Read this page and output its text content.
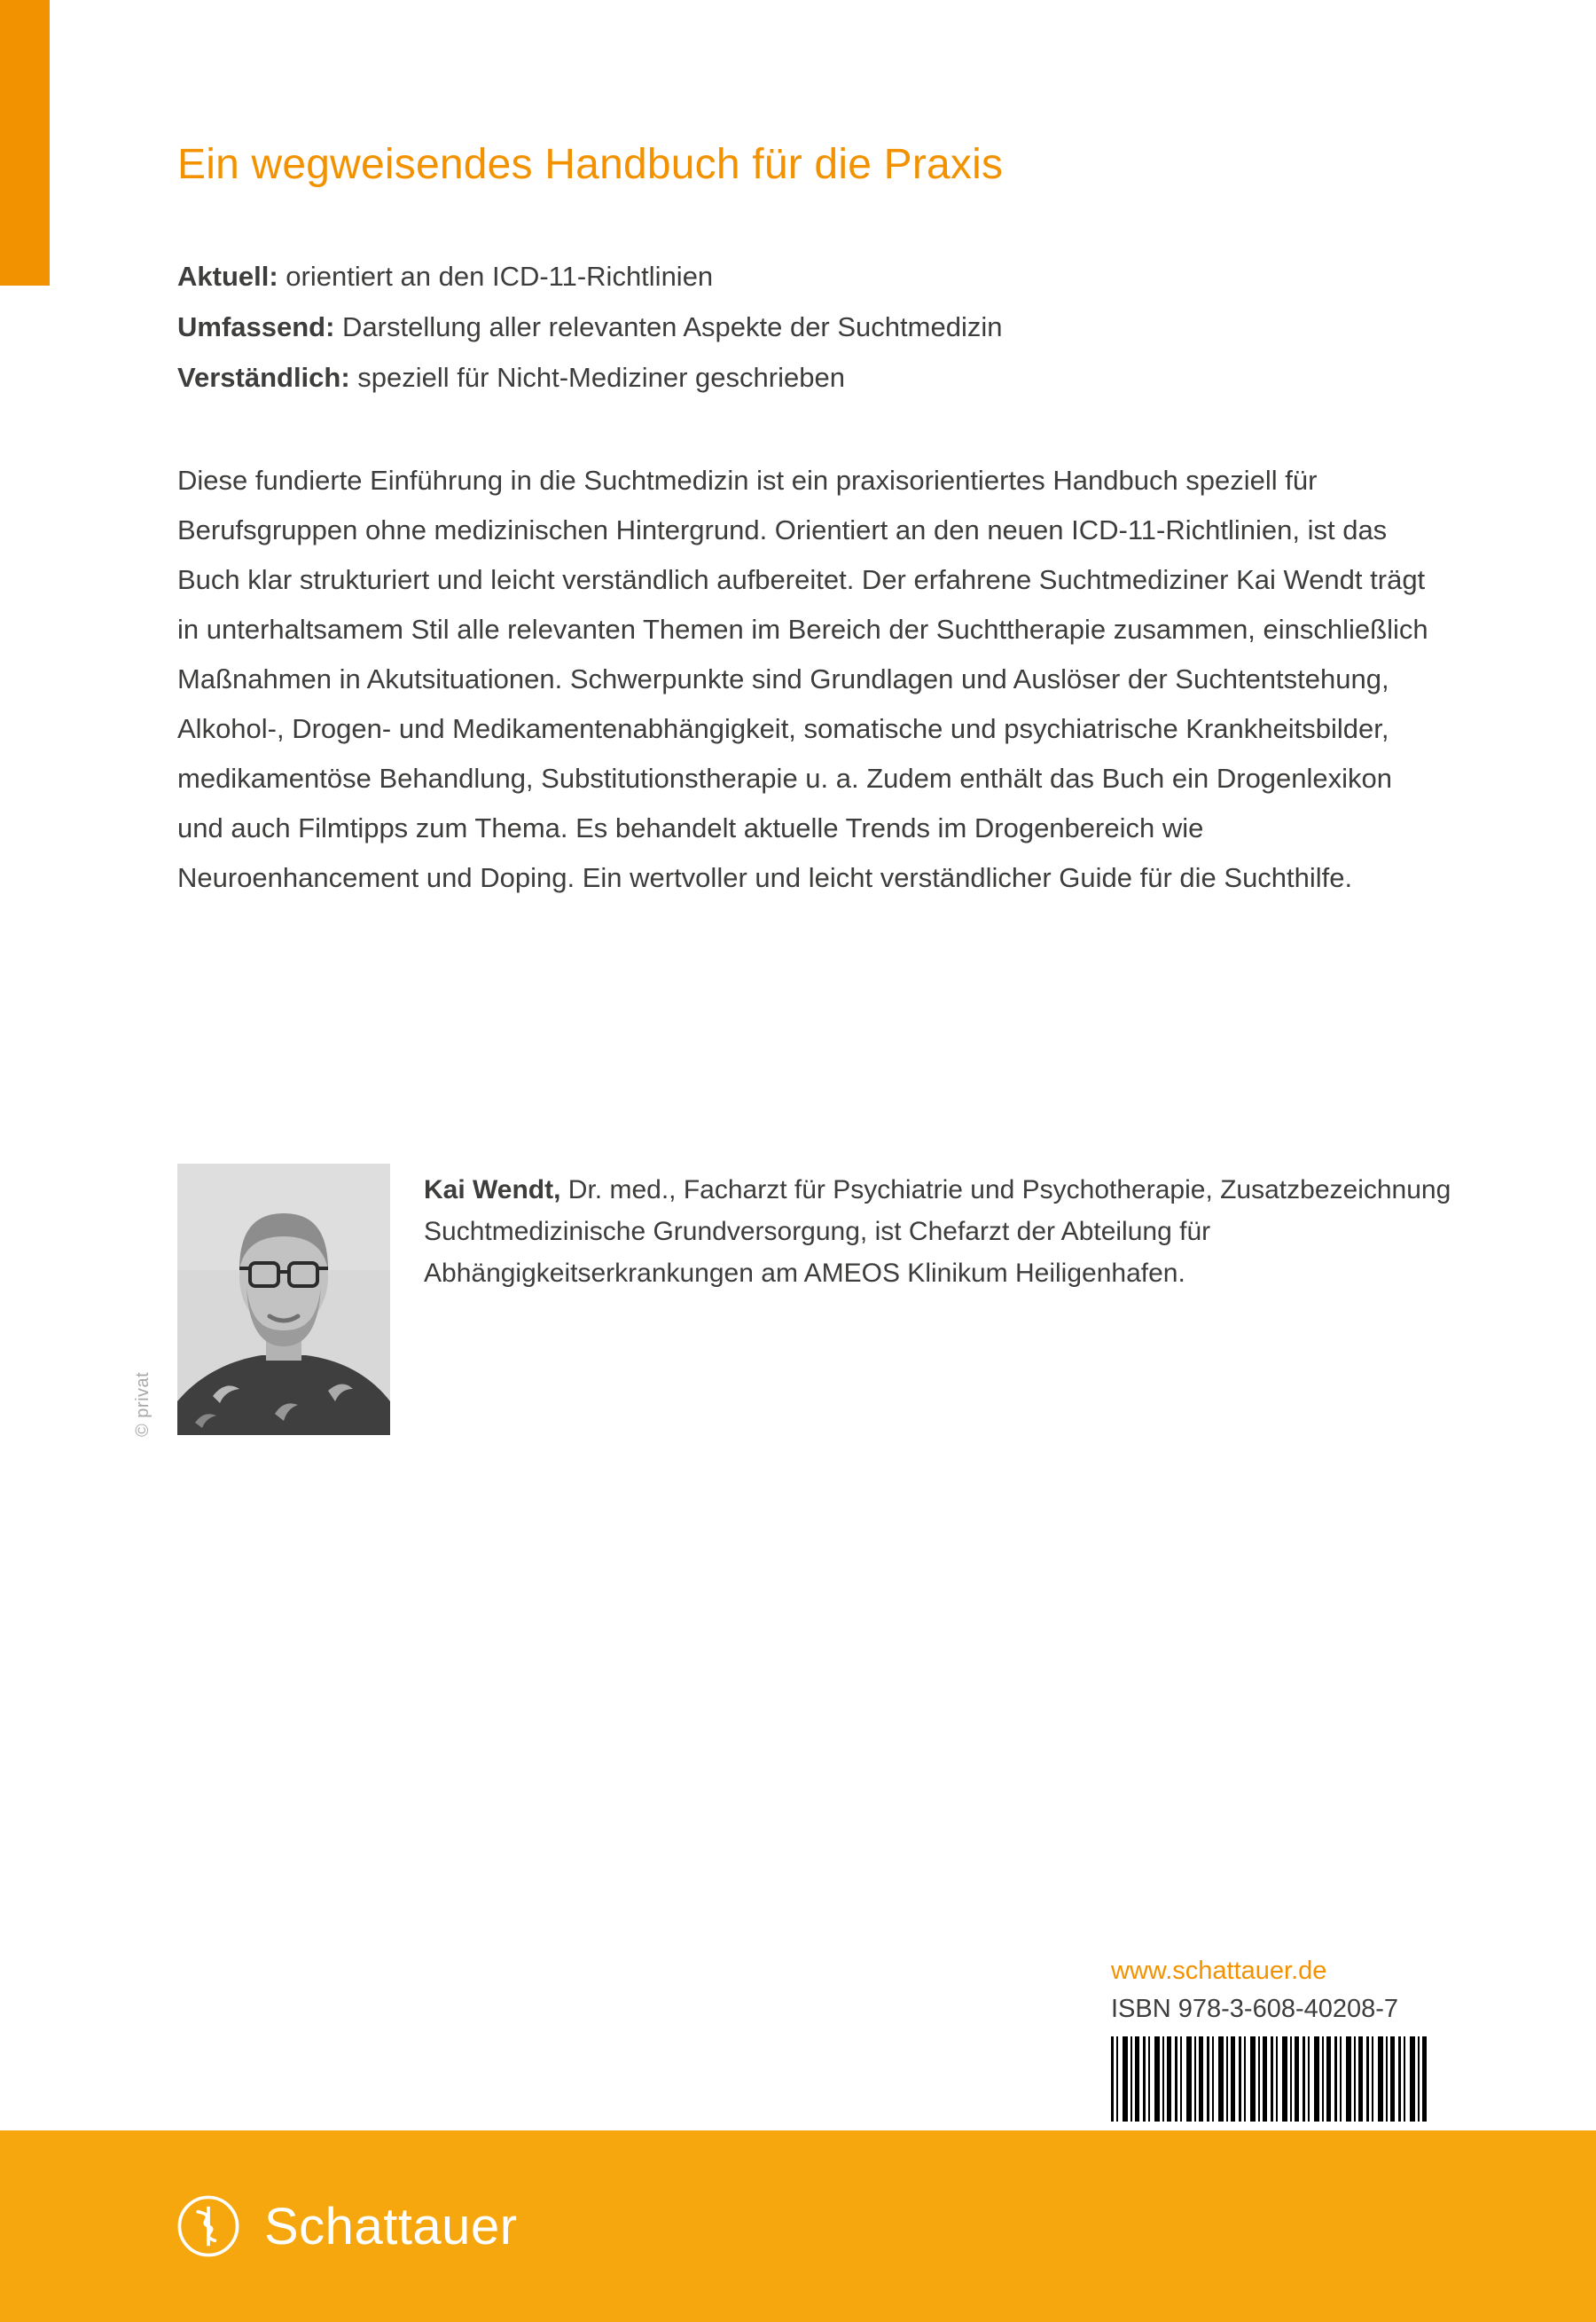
Ein wegweisendes Handbuch für die Praxis

Aktuell: orientiert an den ICD-11-Richtlinien

Umfassend: Darstellung aller relevanten Aspekte der Suchtmedizin

Verständlich: speziell für Nicht-Mediziner geschrieben

Diese fundierte Einführung in die Suchtmedizin ist ein praxisorientiertes Handbuch speziell für Berufsgruppen ohne medizinischen Hintergrund. Orientiert an den neuen ICD-11-Richtlinien, ist das Buch klar strukturiert und leicht verständlich aufbereitet. Der erfahrene Suchtmediziner Kai Wendt trägt in unterhaltsamem Stil alle relevanten Themen im Bereich der Suchttherapie zusammen, einschließlich Maßnahmen in Akutsituationen. Schwerpunkte sind Grundlagen und Auslöser der Suchtentstehung, Alkohol-, Drogen- und Medikamentenabhängigkeit, somatische und psychiatrische Krankheitsbilder, medikamentöse Behandlung, Substitutionstherapie u. a. Zudem enthält das Buch ein Drogenlexikon und auch Filmtipps zum Thema. Es behandelt aktuelle Trends im Drogenbereich wie Neuroenhancement und Doping. Ein wertvoller und leicht verständlicher Guide für die Suchthilfe.

© privat

Kai Wendt, Dr. med., Facharzt für Psychiatrie und Psychotherapie, Zusatzbezeichnung Suchtmedizinische Grundversorgung, ist Chefarzt der Abteilung für Abhängigkeitserkrankungen am AMEOS Klinikum Heiligenhafen.

www.schattauer.de
ISBN 978-3-608-40208-7
Schattauer
